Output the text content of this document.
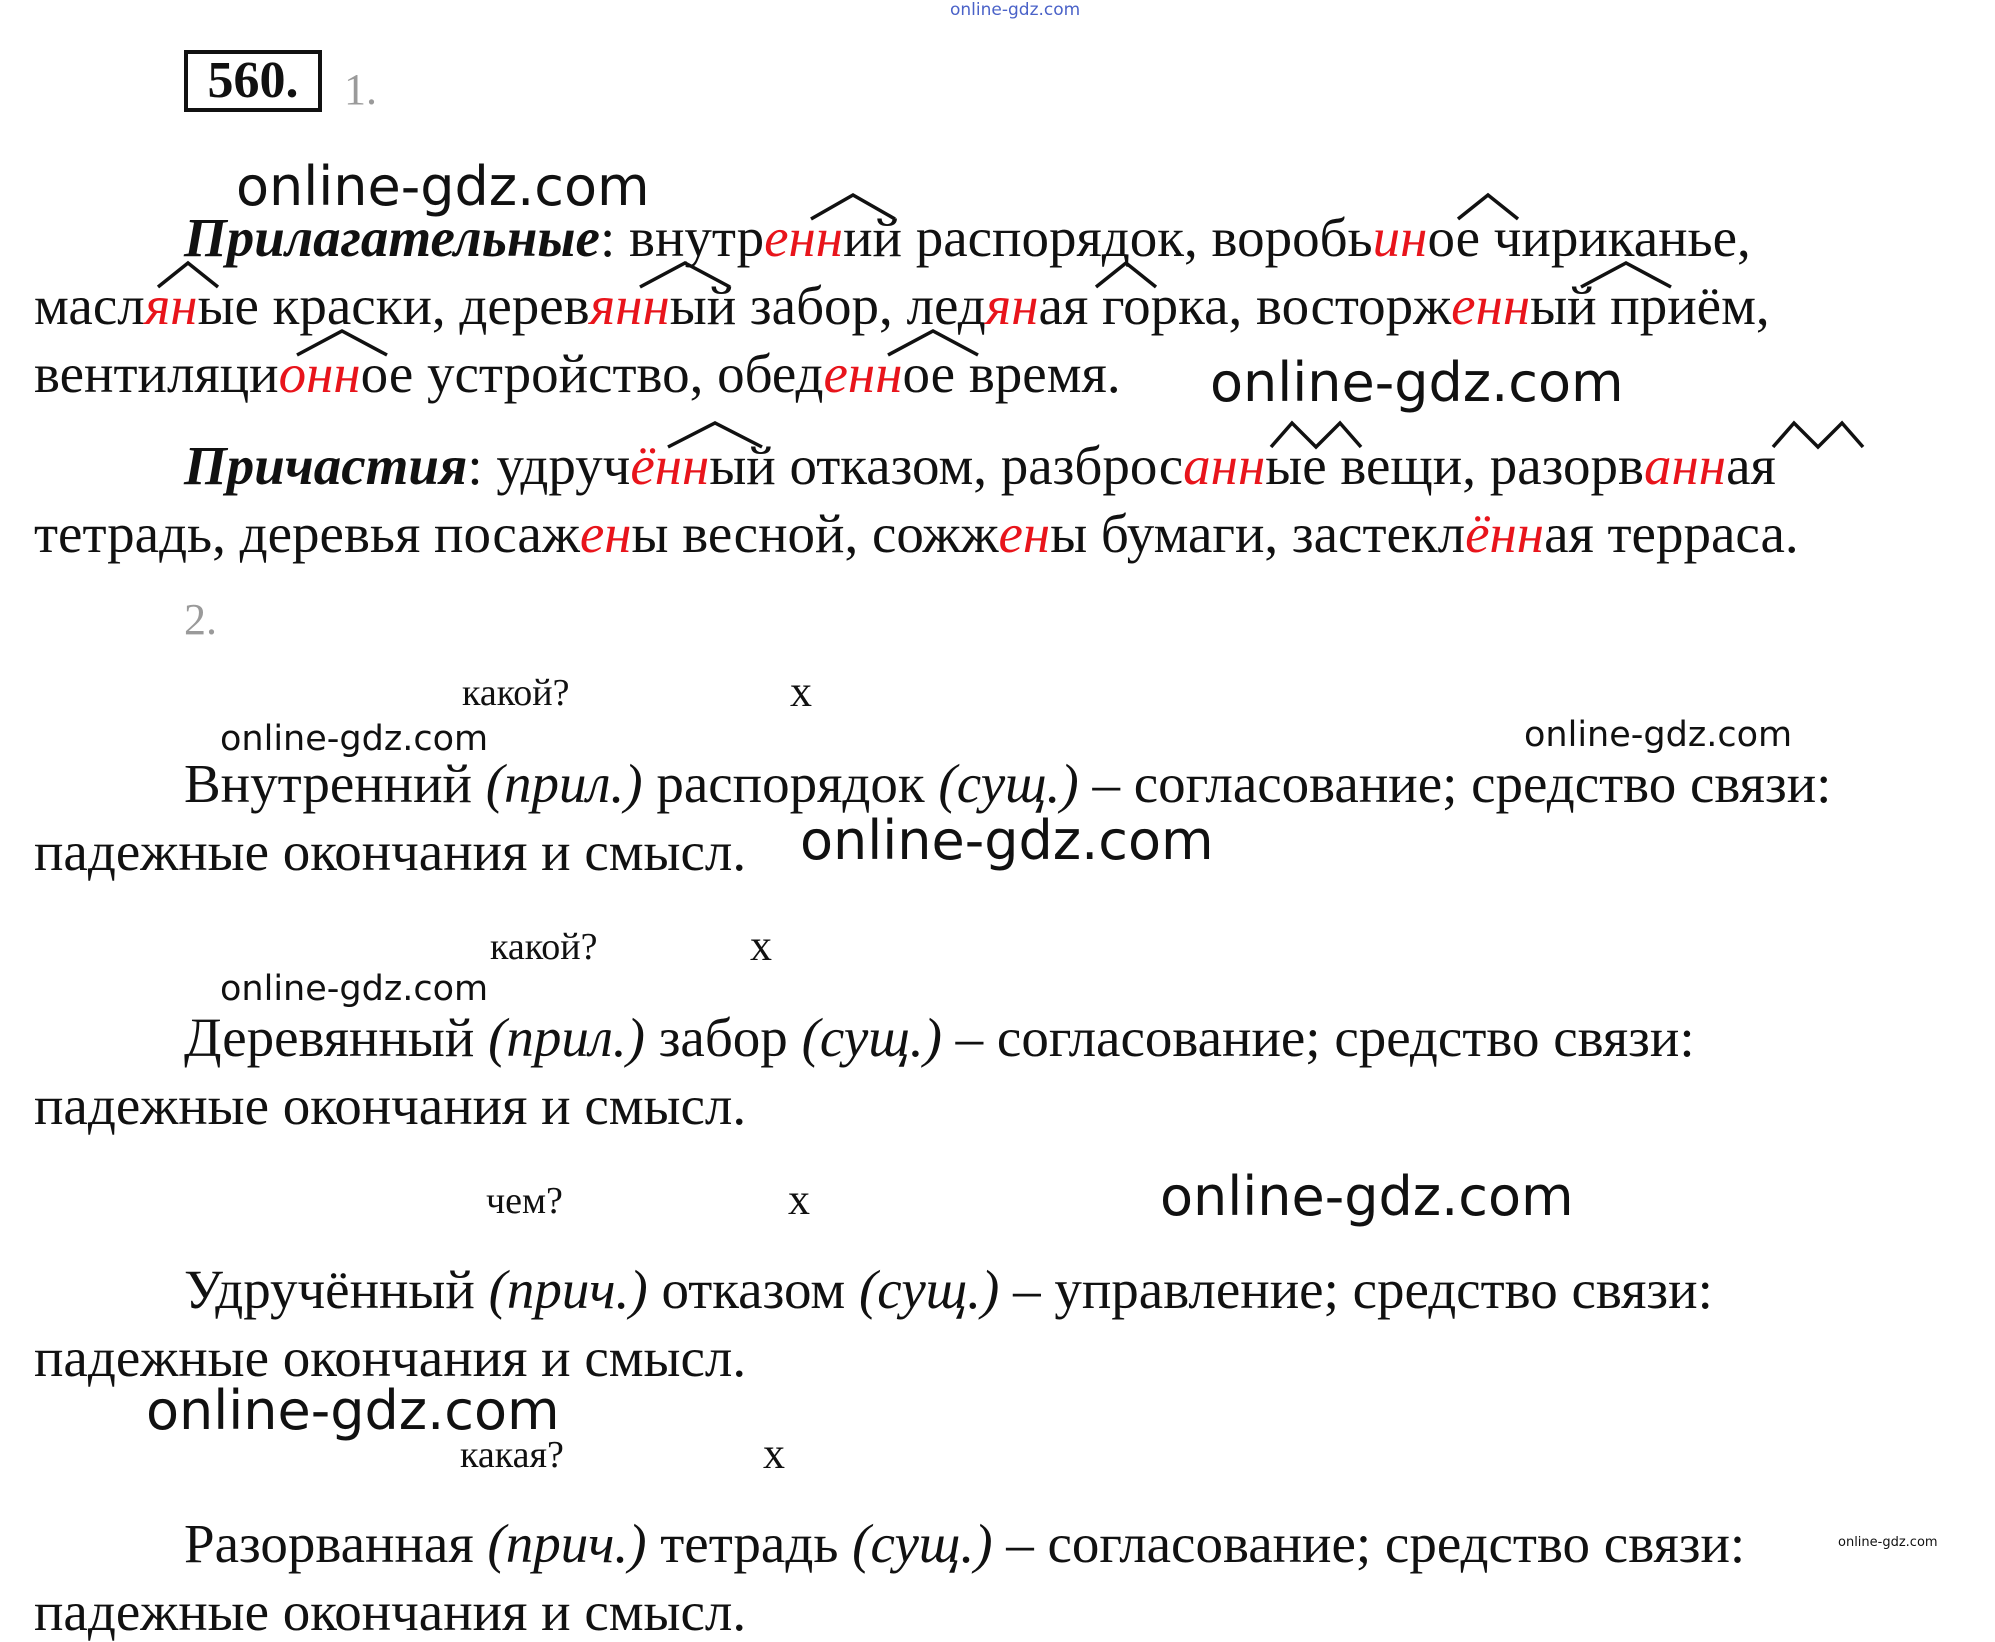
online-gdz.com
560.	1.
online-gdz.com
Прилагательные: внутренний распорядок, воробьиное чириканье,
масляные краски, деревянный забор, ледяная горка, восторженный приём,
вентиляционное устройство, обеденное время. online-gdz.com
Причастия: удручённый отказом, разбросанные вещи, разорванная
тетрадь, деревья посажены весной, сожжены бумаги, застеклённая терраса.
2.
какой?	x
online-gdz.com	online-gdz.com
Внутренний (прил.) распорядок (сущ.) – согласование; средство связи:
падежные окончания и смысл. online-gdz.com
какой?	x
online-gdz.com
Деревянный (прил.) забор (сущ.) – согласование; средство связи:
падежные окончания и смысл.
чем?	x	online-gdz.com
Удручённый (прич.) отказом (сущ.) – управление; средство связи:
падежные окончания и смысл.
online-gdz.com
какая?	x
Разорванная (прич.) тетрадь (сущ.) – согласование; средство связи:	online-gdz.com
падежные окончания и смысл.
